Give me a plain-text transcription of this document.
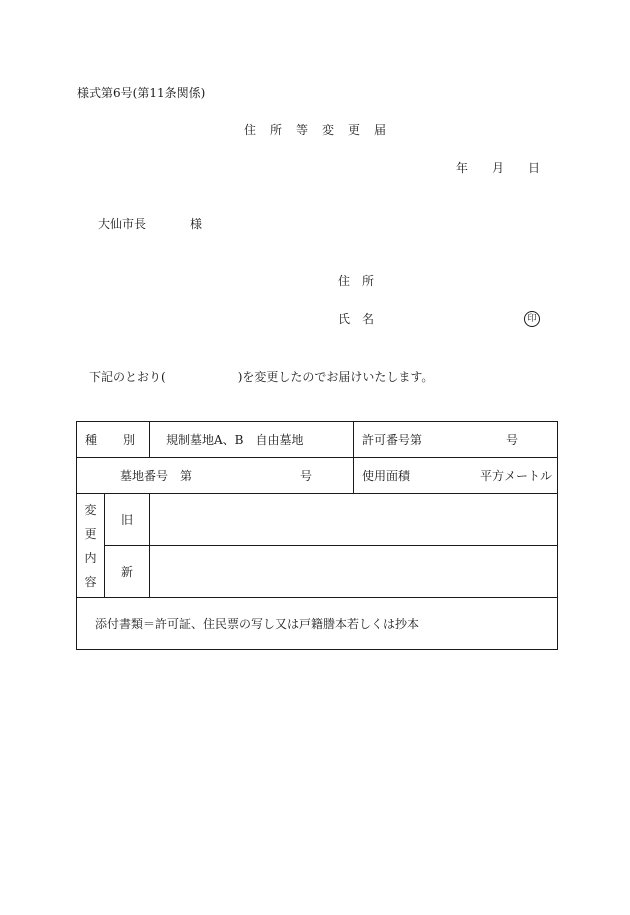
様式第6号(第11条関係)
住 所 等 変 更 届
年 月 日
大仙市長	様
住　所
氏　名	印
下記のとおり(	)を変更したのでお届けいたします。
種 別		規制墓地A、B　自由墓地	許可番号第 号
墓地番号　第 号			使用面積 平方メートル

変
更
内
容	旧		
	新		
添付書類＝許可証、住民票の写し又は戸籍謄本若しくは抄本			
